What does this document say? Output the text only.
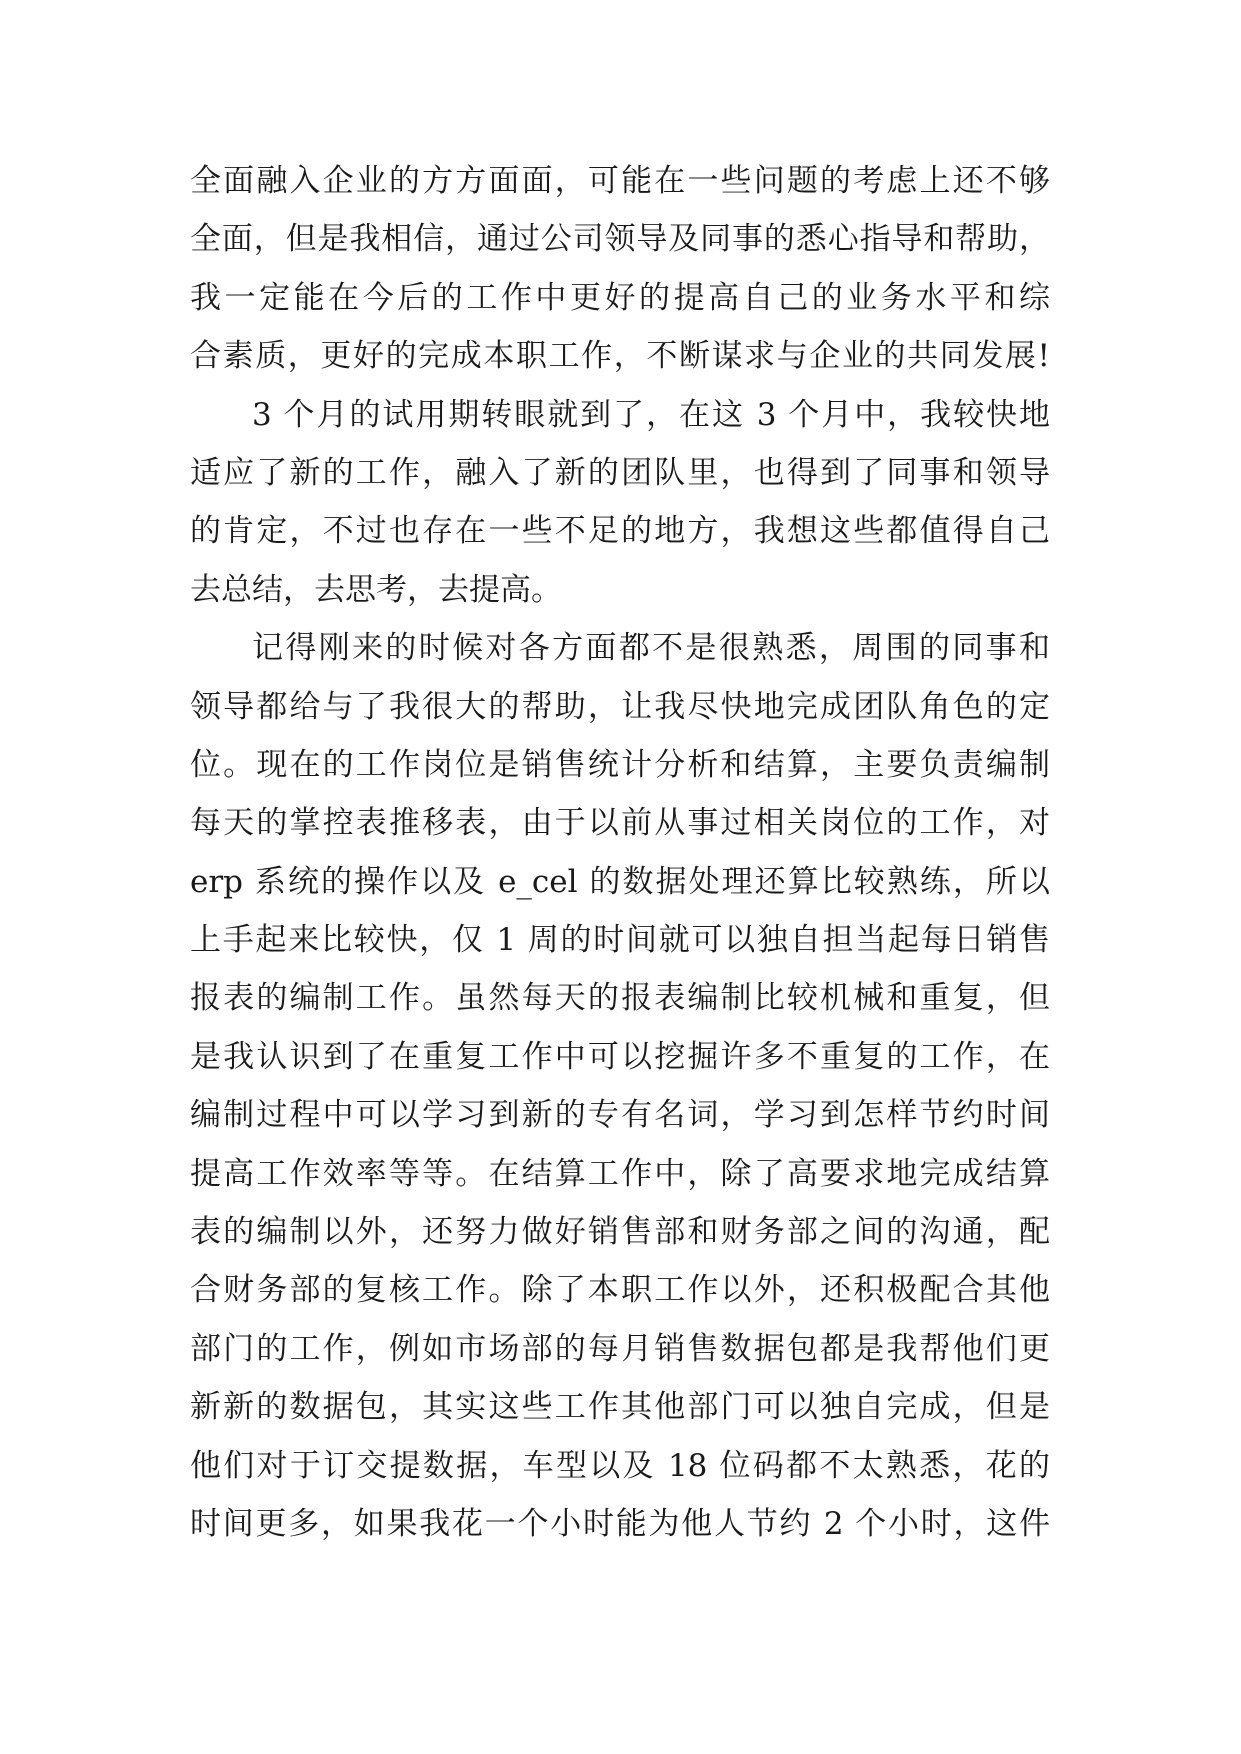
全面融入企业的方方面面，可能在一些问题的考虑上还不够
全面，但是我相信，通过公司领导及同事的悉心指导和帮助，
我一定能在今后的工作中更好的提高自己的业务水平和综
合素质，更好的完成本职工作，不断谋求与企业的共同发展!
3 个月的试用期转眼就到了，在这 3 个月中，我较快地
适应了新的工作，融入了新的团队里，也得到了同事和领导
的肯定，不过也存在一些不足的地方，我想这些都值得自己
去总结，去思考，去提高。
记得刚来的时候对各方面都不是很熟悉，周围的同事和
领导都给与了我很大的帮助，让我尽快地完成团队角色的定
位。现在的工作岗位是销售统计分析和结算，主要负责编制
每天的掌控表推移表，由于以前从事过相关岗位的工作，对
erp 系统的操作以及 e_cel 的数据处理还算比较熟练，所以
上手起来比较快，仅 1 周的时间就可以独自担当起每日销售
报表的编制工作。虽然每天的报表编制比较机械和重复，但
是我认识到了在重复工作中可以挖掘许多不重复的工作，在
编制过程中可以学习到新的专有名词，学习到怎样节约时间
提高工作效率等等。在结算工作中，除了高要求地完成结算
表的编制以外，还努力做好销售部和财务部之间的沟通，配
合财务部的复核工作。除了本职工作以外，还积极配合其他
部门的工作，例如市场部的每月销售数据包都是我帮他们更
新新的数据包，其实这些工作其他部门可以独自完成，但是
他们对于订交提数据，车型以及 18 位码都不太熟悉，花的
时间更多，如果我花一个小时能为他人节约 2 个小时，这件
